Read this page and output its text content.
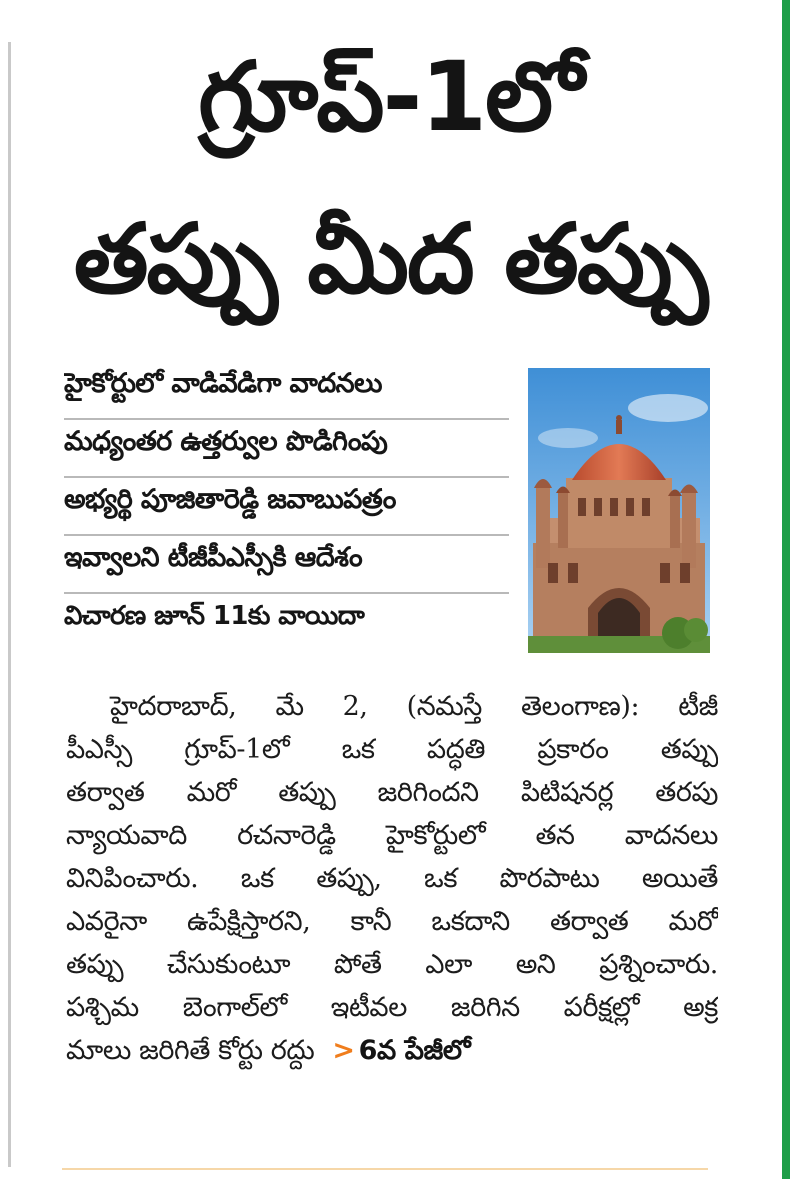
గ్రూప్-1లో
తప్పు మీద తప్పు
హైకోర్టులో వాడివేడిగా వాదనలు
మధ్యంతర ఉత్తర్వుల పొడిగింపు
అభ్యర్థి పూజితారెడ్డి జవాబుపత్రం
ఇవ్వాలని టీజీపీఎస్సీకి ఆదేశం
విచారణ జూన్ 11కు వాయిదా
హైదరాబాద్, మే 2, (నమస్తే తెలంగాణ): టీజీ
పీఎస్సీ గ్రూప్-1లో ఒక పద్ధతి ప్రకారం తప్పు
తర్వాత మరో తప్పు జరిగిందని పిటిషనర్ల తరపు
న్యాయవాది రచనారెడ్డి హైకోర్టులో తన వాదనలు
వినిపించారు. ఒక తప్పు, ఒక పొరపాటు అయితే
ఎవరైనా ఉపేక్షిస్తారని, కానీ ఒకదాని తర్వాత మరో
తప్పు చేసుకుంటూ పోతే ఎలా అని ప్రశ్నించారు.
పశ్చిమ బెంగాల్‌లో ఇటీవల జరిగిన పరీక్షల్లో అక్ర
మాలు జరిగితే కోర్టు రద్దు > 6వ పేజీలో
